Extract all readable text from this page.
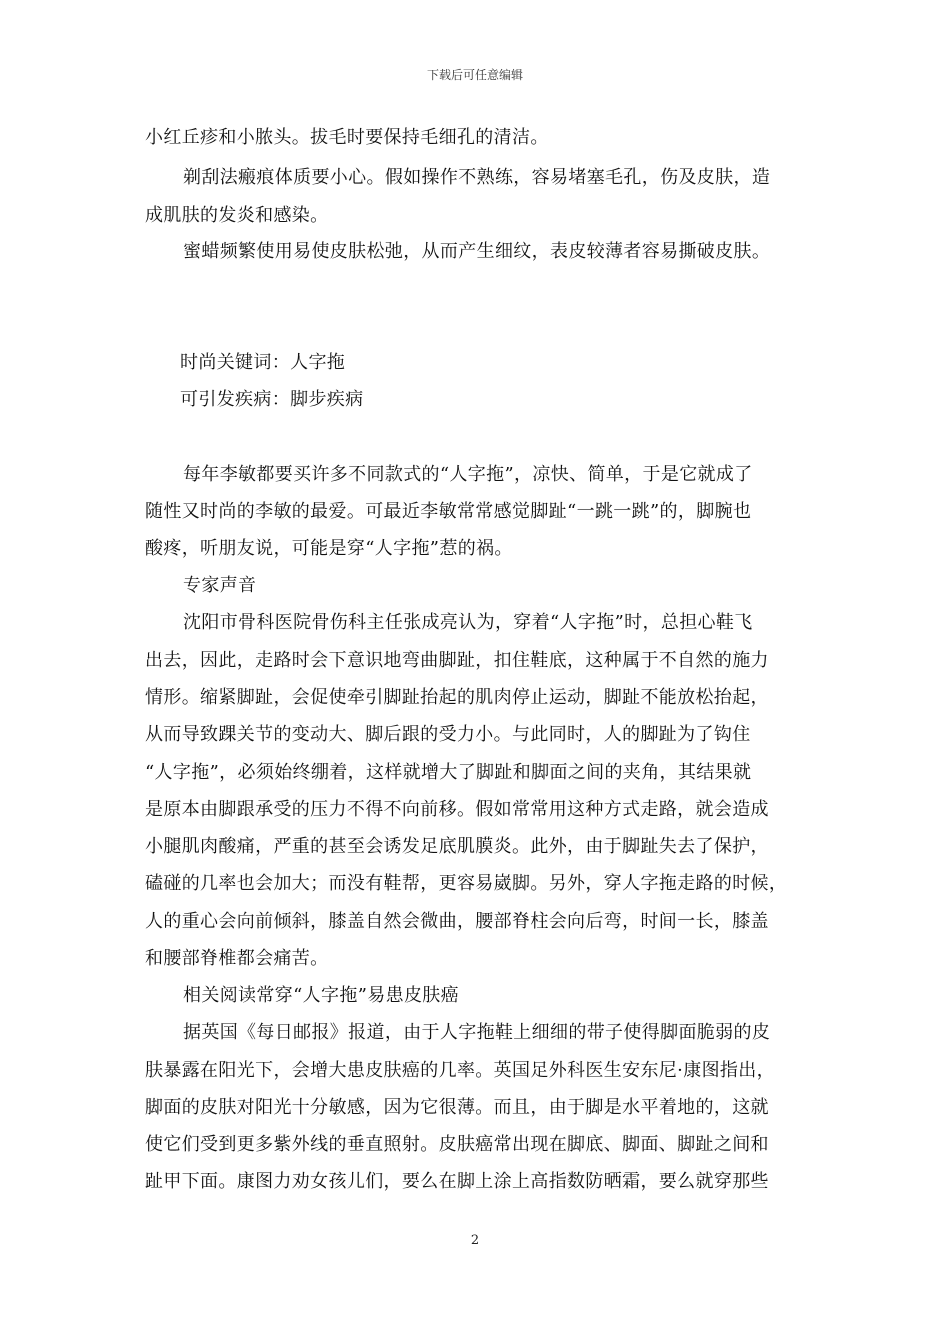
下载后可任意编辑
小红丘疹和小脓头。拔毛时要保持毛细孔的清洁。
剃刮法瘢痕体质要小心。假如操作不熟练，容易堵塞毛孔，伤及皮肤，造
成肌肤的发炎和感染。
蜜蜡频繁使用易使皮肤松弛，从而产生细纹，表皮较薄者容易撕破皮肤。
时尚关键词：人字拖
可引发疾病：脚步疾病
每年李敏都要买许多不同款式的“人字拖”，凉快、简单，于是它就成了
随性又时尚的李敏的最爱。可最近李敏常常感觉脚趾“一跳一跳”的，脚腕也
酸疼，听朋友说，可能是穿“人字拖”惹的祸。
专家声音
沈阳市骨科医院骨伤科主任张成亮认为，穿着“人字拖”时，总担心鞋飞
出去，因此，走路时会下意识地弯曲脚趾，扣住鞋底，这种属于不自然的施力
情形。缩紧脚趾，会促使牵引脚趾抬起的肌肉停止运动，脚趾不能放松抬起，
从而导致踝关节的变动大、脚后跟的受力小。与此同时，人的脚趾为了钩住
“人字拖”，必须始终绷着，这样就增大了脚趾和脚面之间的夹角，其结果就
是原本由脚跟承受的压力不得不向前移。假如常常用这种方式走路，就会造成
小腿肌肉酸痛，严重的甚至会诱发足底肌膜炎。此外，由于脚趾失去了保护，
磕碰的几率也会加大；而没有鞋帮，更容易崴脚。另外，穿人字拖走路的时候，
人的重心会向前倾斜，膝盖自然会微曲，腰部脊柱会向后弯，时间一长，膝盖
和腰部脊椎都会痛苦。
相关阅读常穿“人字拖”易患皮肤癌
据英国《每日邮报》报道，由于人字拖鞋上细细的带子使得脚面脆弱的皮
肤暴露在阳光下，会增大患皮肤癌的几率。英国足外科医生安东尼·康图指出，
脚面的皮肤对阳光十分敏感，因为它很薄。而且，由于脚是水平着地的，这就
使它们受到更多紫外线的垂直照射。皮肤癌常出现在脚底、脚面、脚趾之间和
趾甲下面。康图力劝女孩儿们，要么在脚上涂上高指数防晒霜，要么就穿那些
2
